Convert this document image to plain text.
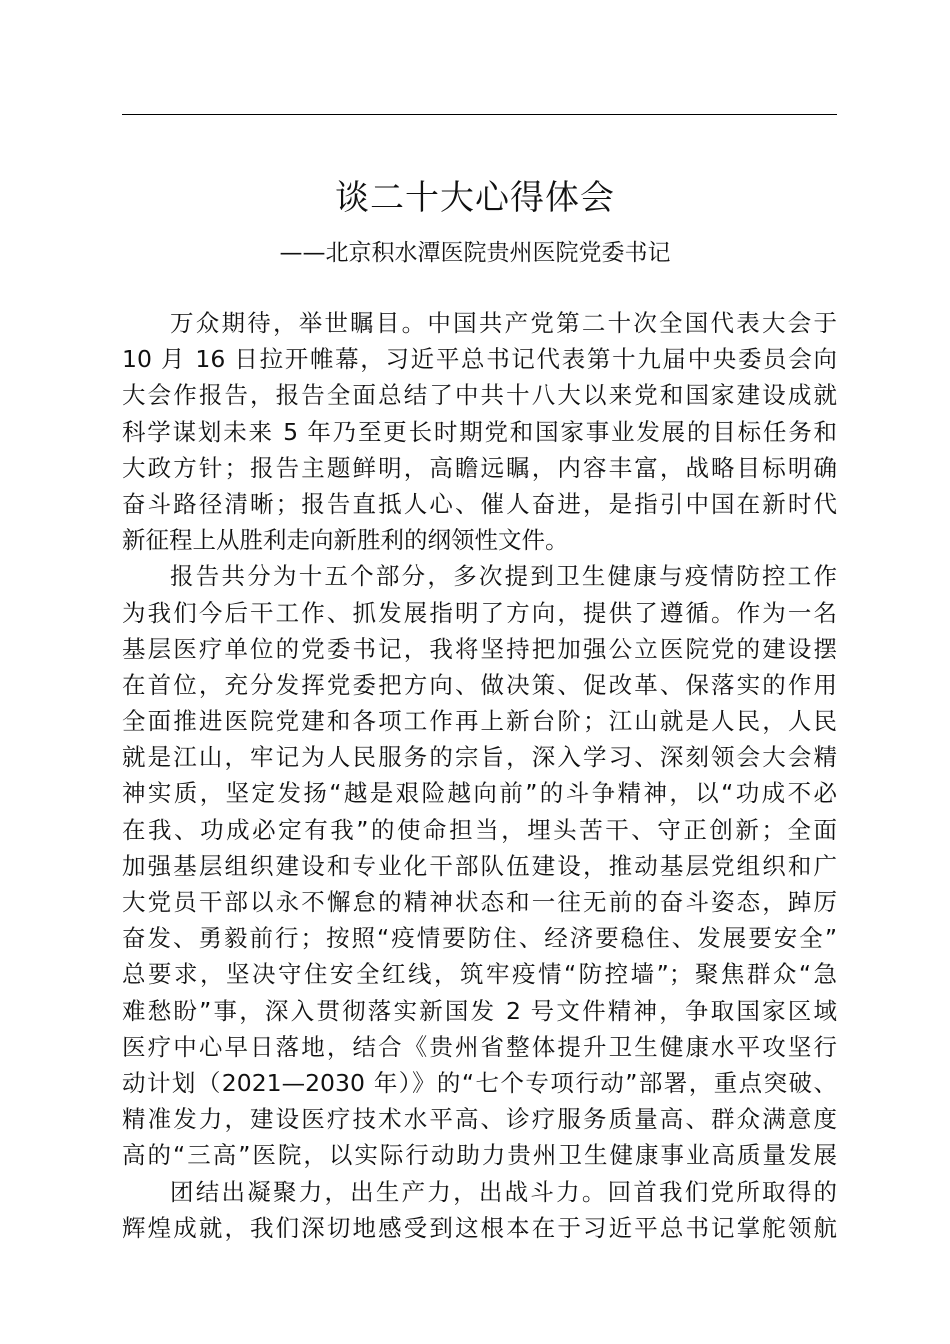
谈二十大心得体会
——北京积水潭医院贵州医院党委书记
万众期待，举世瞩目。中国共产党第二十次全国代表大会于
10 月 16 日拉开帷幕，习近平总书记代表第十九届中央委员会向
大会作报告，报告全面总结了中共十八大以来党和国家建设成就
科学谋划未来 5 年乃至更长时期党和国家事业发展的目标任务和
大政方针；报告主题鲜明，高瞻远瞩，内容丰富，战略目标明确
奋斗路径清晰；报告直抵人心、催人奋进，是指引中国在新时代
新征程上从胜利走向新胜利的纲领性文件。
报告共分为十五个部分，多次提到卫生健康与疫情防控工作
为我们今后干工作、抓发展指明了方向，提供了遵循。作为一名
基层医疗单位的党委书记，我将坚持把加强公立医院党的建设摆
在首位，充分发挥党委把方向、做决策、促改革、保落实的作用
全面推进医院党建和各项工作再上新台阶；江山就是人民，人民
就是江山，牢记为人民服务的宗旨，深入学习、深刻领会大会精
神实质，坚定发扬“越是艰险越向前”的斗争精神，以“功成不必
在我、功成必定有我”的使命担当，埋头苦干、守正创新；全面
加强基层组织建设和专业化干部队伍建设，推动基层党组织和广
大党员干部以永不懈怠的精神状态和一往无前的奋斗姿态，踔厉
奋发、勇毅前行；按照“疫情要防住、经济要稳住、发展要安全”
总要求，坚决守住安全红线，筑牢疫情“防控墙”；聚焦群众“急
难愁盼”事，深入贯彻落实新国发 2 号文件精神，争取国家区域
医疗中心早日落地，结合《贵州省整体提升卫生健康水平攻坚行
动计划（2021—2030 年）》的“七个专项行动”部署，重点突破、
精准发力，建设医疗技术水平高、诊疗服务质量高、群众满意度
高的“三高”医院，以实际行动助力贵州卫生健康事业高质量发展
团结出凝聚力，出生产力，出战斗力。回首我们党所取得的
辉煌成就，我们深切地感受到这根本在于习近平总书记掌舵领航
